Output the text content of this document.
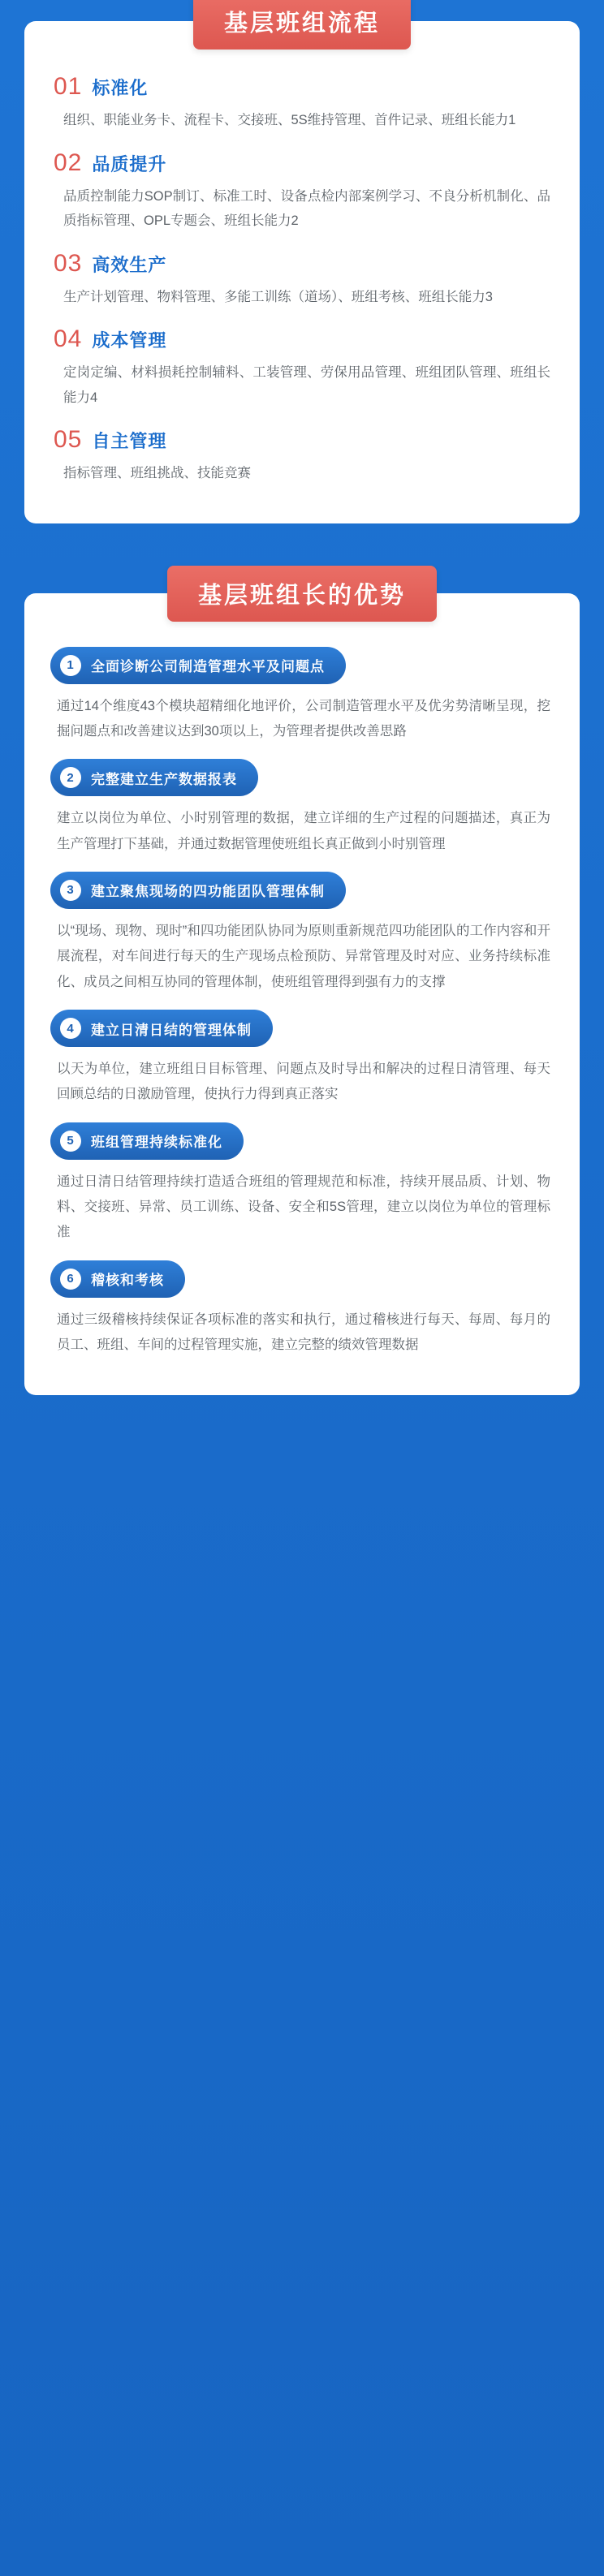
基层班组流程
01 标准化
组织、职能业务卡、流程卡、交接班、5S维持管理、首件记录、班组长能力1
02 品质提升
品质控制能力SOP制订、标准工时、设备点检内部案例学习、不良分析机制化、品质指标管理、OPL专题会、班组长能力2
03 高效生产
生产计划管理、物料管理、多能工训练（道场）、班组考核、班组长能力3
04 成本管理
定岗定编、材料损耗控制辅料、工装管理、劳保用品管理、班组团队管理、班组长能力4
05 自主管理
指标管理、班组挑战、技能竞赛
基层班组长的优势
1	全面诊断公司制造管理水平及问题点
通过14个维度43个模块超精细化地评价，公司制造管理水平及优劣势清晰呈现，挖掘问题点和改善建议达到30项以上，为管理者提供改善思路
2	完整建立生产数据报表
建立以岗位为单位、小时别管理的数据，建立详细的生产过程的问题描述，真正为生产管理打下基础，并通过数据管理使班组长真正做到小时别管理
3	建立聚焦现场的四功能团队管理体制
以“现场、现物、现时”和四功能团队协同为原则重新规范四功能团队的工作内容和开展流程，对车间进行每天的生产现场点检预防、异常管理及时对应、业务持续标准化、成员之间相互协同的管理体制，使班组管理得到强有力的支撑
4	建立日清日结的管理体制
以天为单位，建立班组日目标管理、问题点及时导出和解决的过程日清管理、每天回顾总结的日激励管理，使执行力得到真正落实
5	班组管理持续标准化
通过日清日结管理持续打造适合班组的管理规范和标准，持续开展品质、计划、物料、交接班、异常、员工训练、设备、安全和5S管理，建立以岗位为单位的管理标准
6	稽核和考核
通过三级稽核持续保证各项标准的落实和执行，通过稽核进行每天、每周、每月的员工、班组、车间的过程管理实施，建立完整的绩效管理数据
